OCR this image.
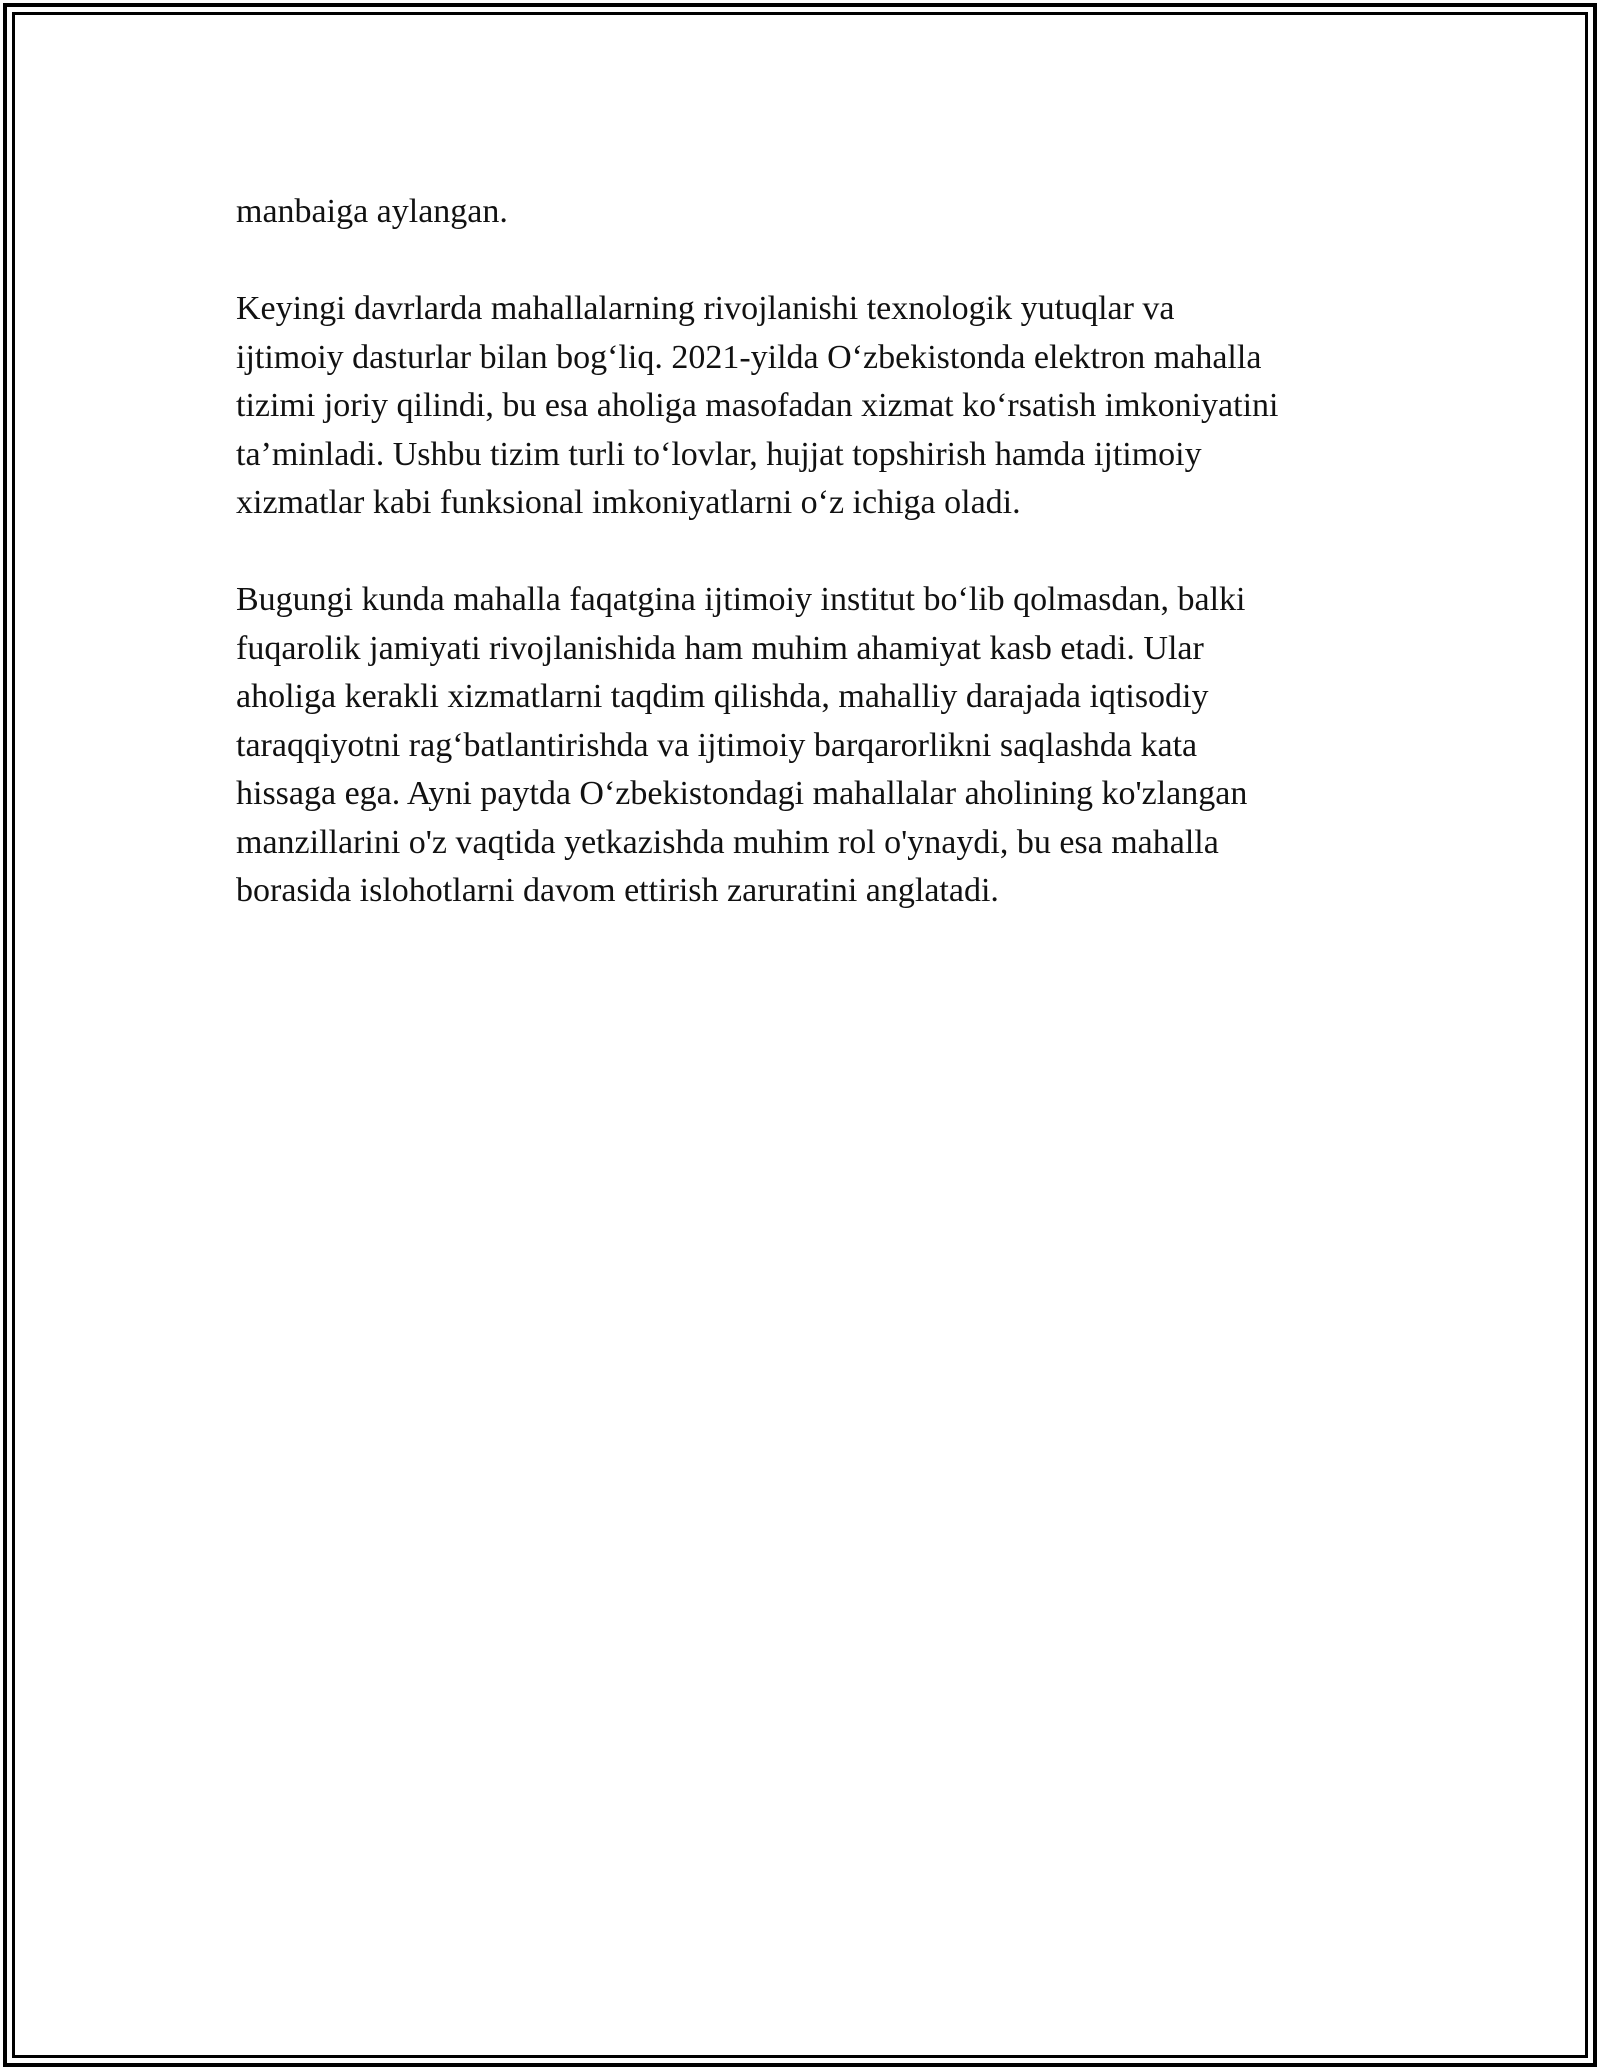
manbaiga aylangan.

Keyingi davrlarda mahallalarning rivojlanishi texnologik yutuqlar va
ijtimoiy dasturlar bilan bog‘liq. 2021-yilda O‘zbekistonda elektron mahalla
tizimi joriy qilindi, bu esa aholiga masofadan xizmat ko‘rsatish imkoniyatini
ta’minladi. Ushbu tizim turli to‘lovlar, hujjat topshirish hamda ijtimoiy
xizmatlar kabi funksional imkoniyatlarni o‘z ichiga oladi.

Bugungi kunda mahalla faqatgina ijtimoiy institut bo‘lib qolmasdan, balki
fuqarolik jamiyati rivojlanishida ham muhim ahamiyat kasb etadi. Ular
aholiga kerakli xizmatlarni taqdim qilishda, mahalliy darajada iqtisodiy
taraqqiyotni rag‘batlantirishda va ijtimoiy barqarorlikni saqlashda kata
hissaga ega. Ayni paytda O‘zbekistondagi mahallalar aholining ko'zlangan
manzillarini o'z vaqtida yetkazishda muhim rol o'ynaydi, bu esa mahalla
borasida islohotlarni davom ettirish zaruratini anglatadi.
